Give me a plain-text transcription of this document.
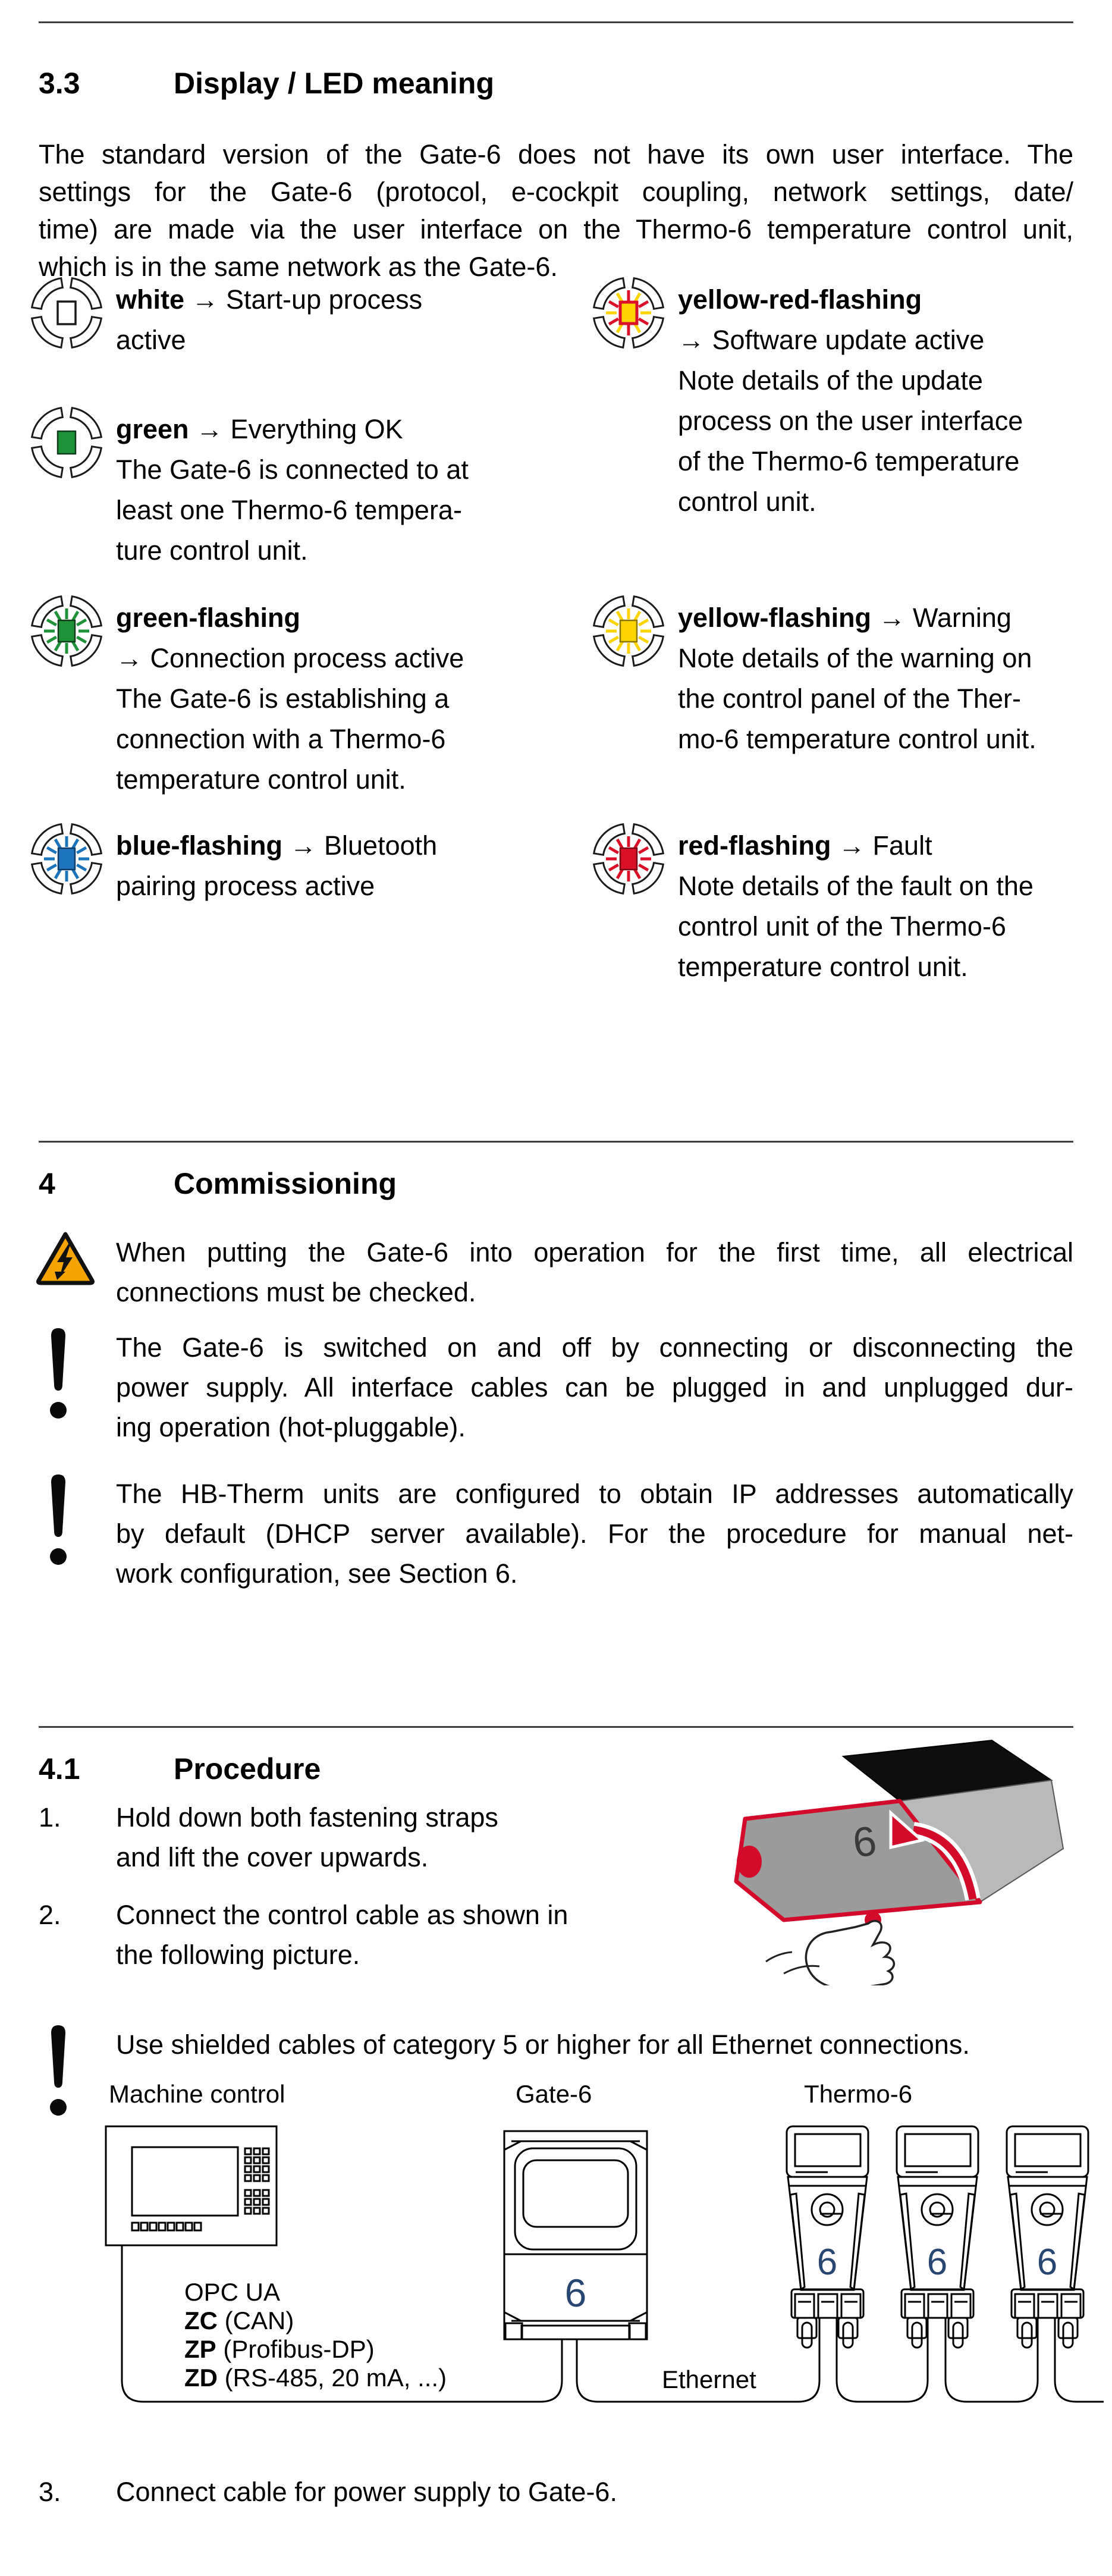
3.3	Display / LED meaning
4	Commissioning
4.1	Procedure
The standard version of the Gate-6 does not have its own user interface. The
settings for the Gate-6 (protocol, e-cockpit coupling, network settings, date/
time) are made via the user interface on the Thermo-6 temperature control unit,
which is in the same network as the Gate-6.
white → Start-up process
active
green → Everything OK
The Gate-6 is connected to at
least one Thermo-6 tempera-
ture control unit.
green-flashing
→ Connection process active
The Gate-6 is establishing a
connection with a Thermo-6
temperature control unit.
blue-flashing → Bluetooth
pairing process active
yellow-red-flashing
→ Software update active
Note details of the update
process on the user interface
of the Thermo-6 temperature
control unit.
yellow-flashing → Warning
Note details of the warning on
the control panel of the Ther-
mo-6 temperature control unit.
red-flashing → Fault
Note details of the fault on the
control unit of the Thermo-6
temperature control unit.
When putting the Gate-6 into operation for the first time, all electrical
connections must be checked.
The Gate-6 is switched on and off by connecting or disconnecting the
power supply. All interface cables can be plugged in and unplugged dur-
ing operation (hot-pluggable).
The HB-Therm units are configured to obtain IP addresses automatically
by default (DHCP server available). For the procedure for manual net-
work configuration, see Section 6.
1. Hold down both fastening straps
and lift the cover upwards.
2. Connect the control cable as shown in
the following picture.
Use shielded cables of category 5 or higher for all Ethernet connections.
3. Connect cable for power supply to Gate-6.
6
6
6 6 6
Machine control	Gate-6	Thermo-6
Ethernet
OPC UA
ZC (CAN)
ZP (Profibus-DP)
ZD (RS-485, 20 mA, ...)
